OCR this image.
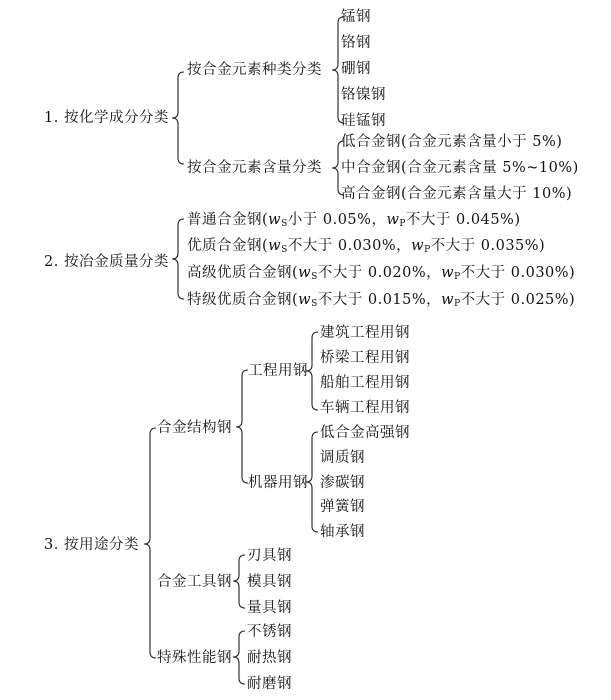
1. 按化学成分分类
按合金元素种类分类
锰钢
铬钢
硼钢
铬镍钢
硅锰钢
按合金元素含量分类
低合金钢(合金元素含量小于 5%)
中合金钢(合金元素含量 5%~10%)
高合金钢(合金元素含量大于 10%)
2. 按冶金质量分类
普通合金钢($w_S$小于 0.05%，$w_P$不大于 0.045%)
优质合金钢($w_S$不大于 0.030%，$w_P$不大于 0.035%)
高级优质合金钢($w_S$不大于 0.020%，$w_P$不大于 0.030%)
特级优质合金钢($w_S$不大于 0.015%，$w_P$不大于 0.025%)
3. 按用途分类
合金结构钢
工程用钢
建筑工程用钢
桥梁工程用钢
船舶工程用钢
车辆工程用钢
机器用钢
低合金高强钢
调质钢
渗碳钢
弹簧钢
轴承钢
合金工具钢
刃具钢
模具钢
量具钢
特殊性能钢
不锈钢
耐热钢
耐磨钢
